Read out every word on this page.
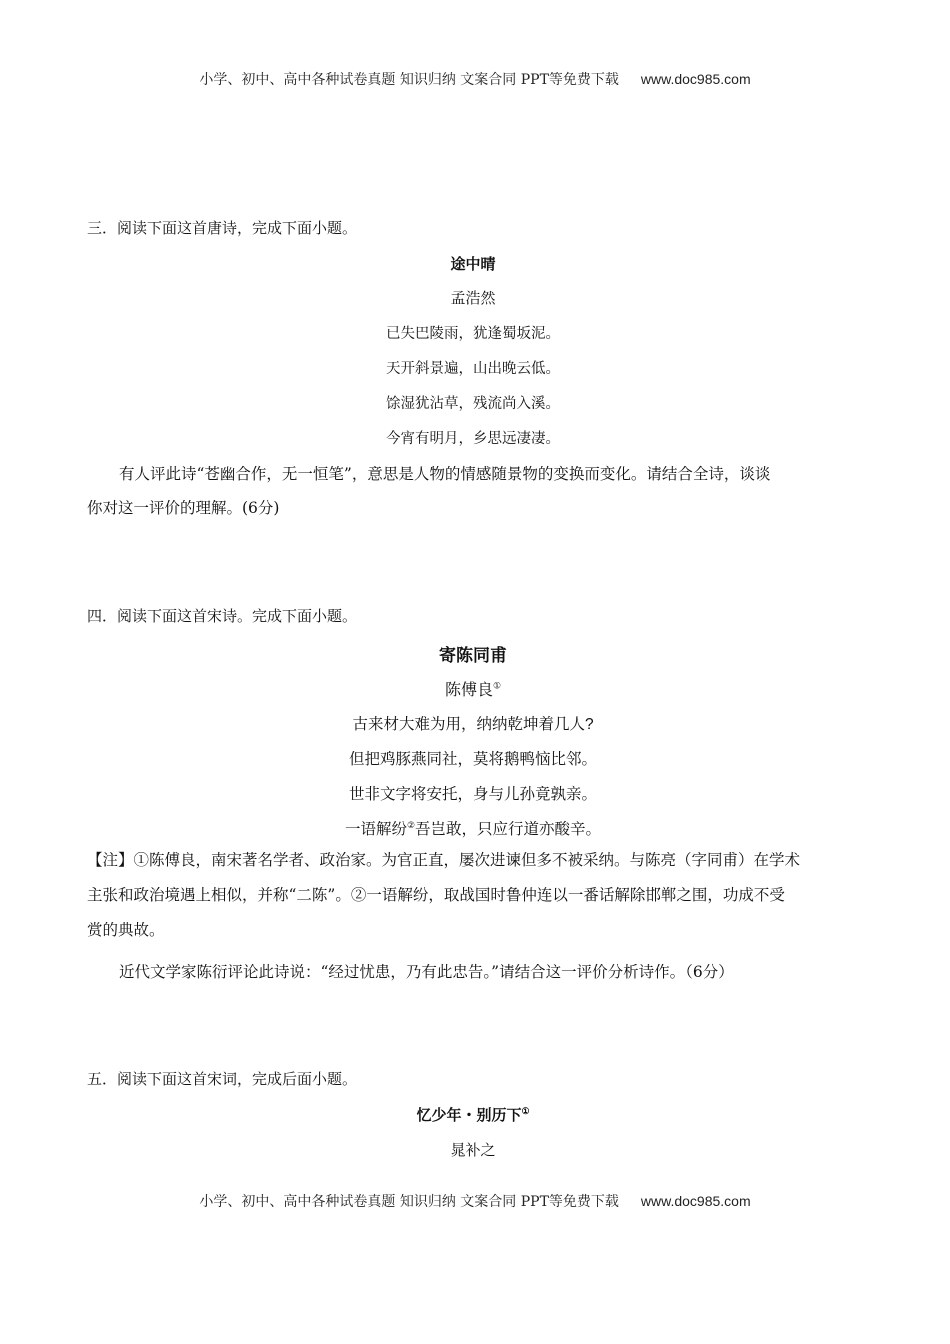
小学、初中、高中各种试卷真题 知识归纳 文案合同 PPT等免费下载 www.doc985.com
三．阅读下面这首唐诗，完成下面小题。
途中晴
孟浩然
已失巴陵雨，犹逢蜀坂泥。
天开斜景遍，山出晚云低。
馀湿犹沾草，残流尚入溪。
今宵有明月，乡思远凄凄。
有人评此诗“苍幽合作，无一恒笔”，意思是人物的情感随景物的变换而变化。请结合全诗，谈谈
你对这一评价的理解。(6分)
四．阅读下面这首宋诗。完成下面小题。
寄陈同甫
陈傅良①
古来材大难为用，纳纳乾坤着几人?
但把鸡豚燕同社，莫将鹅鸭恼比邻。
世非文字将安托，身与儿孙竟孰亲。
一语解纷②吾岂敢，只应行道亦酸辛。
【注】①陈傅良，南宋著名学者、政治家。为官正直，屡次进谏但多不被采纳。与陈亮（字同甫）在学术
主张和政治境遇上相似，并称“二陈”。②一语解纷，取战国时鲁仲连以一番话解除邯郸之围，功成不受
赏的典故。
近代文学家陈衍评论此诗说：“经过忧患，乃有此忠告。”请结合这一评价分析诗作。（6分）
五．阅读下面这首宋词，完成后面小题。
忆少年・别历下①
晁补之
小学、初中、高中各种试卷真题 知识归纳 文案合同 PPT等免费下载 www.doc985.com
